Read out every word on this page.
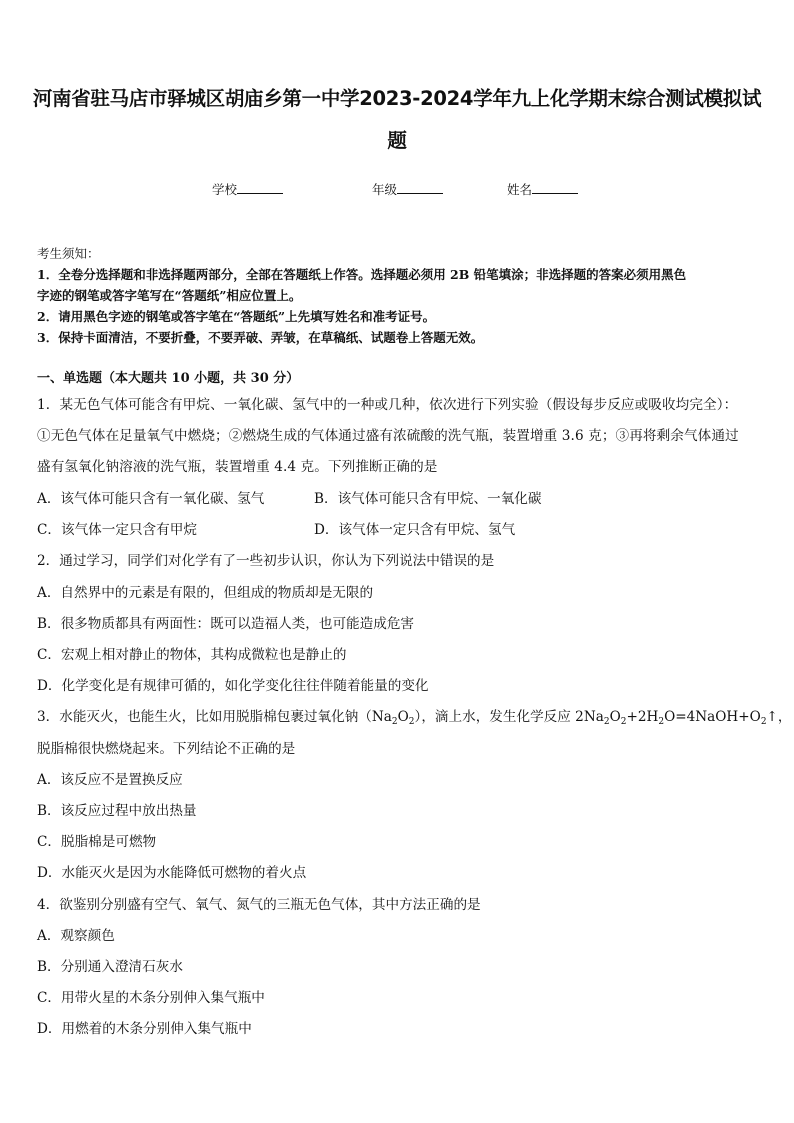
河南省驻马店市驿城区胡庙乡第一中学2023-2024学年九上化学期末综合测试模拟试
题
学校	年级	姓名
考生须知：
1．全卷分选择题和非选择题两部分，全部在答题纸上作答。选择题必须用 2B 铅笔填涂；非选择题的答案必须用黑色
字迹的钢笔或答字笔写在“答题纸”相应位置上。
2．请用黑色字迹的钢笔或答字笔在“答题纸”上先填写姓名和准考证号。
3．保持卡面清洁，不要折叠，不要弄破、弄皱，在草稿纸、试题卷上答题无效。
一、单选题（本大题共 10 小题，共 30 分）
1．某无色气体可能含有甲烷、一氧化碳、氢气中的一种或几种，依次进行下列实验（假设每步反应或吸收均完全）：
①无色气体在足量氧气中燃烧；②燃烧生成的气体通过盛有浓硫酸的洗气瓶，装置增重 3.6 克；③再将剩余气体通过
盛有氢氧化钠溶液的洗气瓶，装置增重 4.4 克。下列推断正确的是
A．该气体可能只含有一氧化碳、氢气	B．该气体可能只含有甲烷、一氧化碳
C．该气体一定只含有甲烷	D．该气体一定只含有甲烷、氢气
2．通过学习，同学们对化学有了一些初步认识，你认为下列说法中错误的是
A．自然界中的元素是有限的，但组成的物质却是无限的
B．很多物质都具有两面性：既可以造福人类，也可能造成危害
C．宏观上相对静止的物体，其构成微粒也是静止的
D．化学变化是有规律可循的，如化学变化往往伴随着能量的变化
3．水能灭火，也能生火，比如用脱脂棉包裹过氧化钠$(Na_2O_2)$，滴上水，发生化学反应 $2Na_2O_2+2H_2O=4NaOH+O_2↑$，
脱脂棉很快燃烧起来。下列结论不正确的是
A．该反应不是置换反应
B．该反应过程中放出热量
C．脱脂棉是可燃物
D．水能灭火是因为水能降低可燃物的着火点
4．欲鉴别分别盛有空气、氧气、氮气的三瓶无色气体，其中方法正确的是
A．观察颜色
B．分别通入澄清石灰水
C．用带火星的木条分别伸入集气瓶中
D．用燃着的木条分别伸入集气瓶中
